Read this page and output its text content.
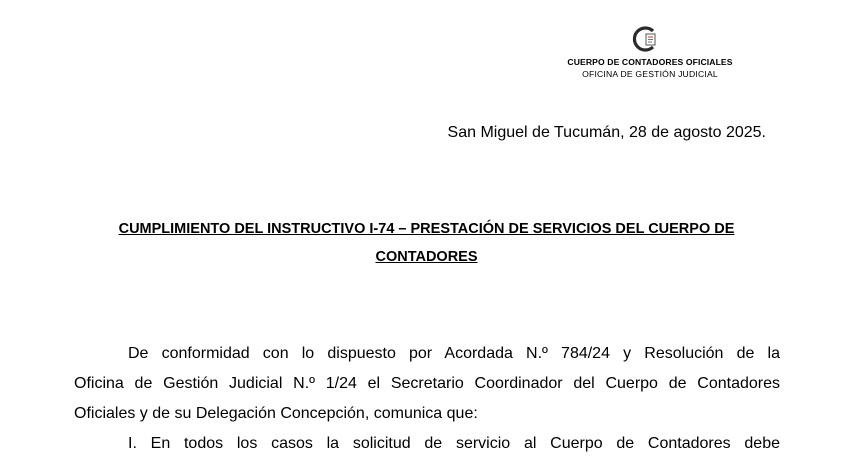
CUERPO DE CONTADORES OFICIALES
OFICINA DE GESTIÓN JUDICIAL
San Miguel de Tucumán, 28 de agosto 2025.
CUMPLIMIENTO DEL INSTRUCTIVO I-74 – PRESTACIÓN DE SERVICIOS DEL CUERPO DE
CONTADORES
De conformidad con lo dispuesto por Acordada N.º 784/24 y Resolución de la
Oficina de Gestión Judicial N.º 1/24 el Secretario Coordinador del Cuerpo de Contadores
Oficiales y de su Delegación Concepción, comunica que:
I. En todos los casos la solicitud de servicio al Cuerpo de Contadores debe
